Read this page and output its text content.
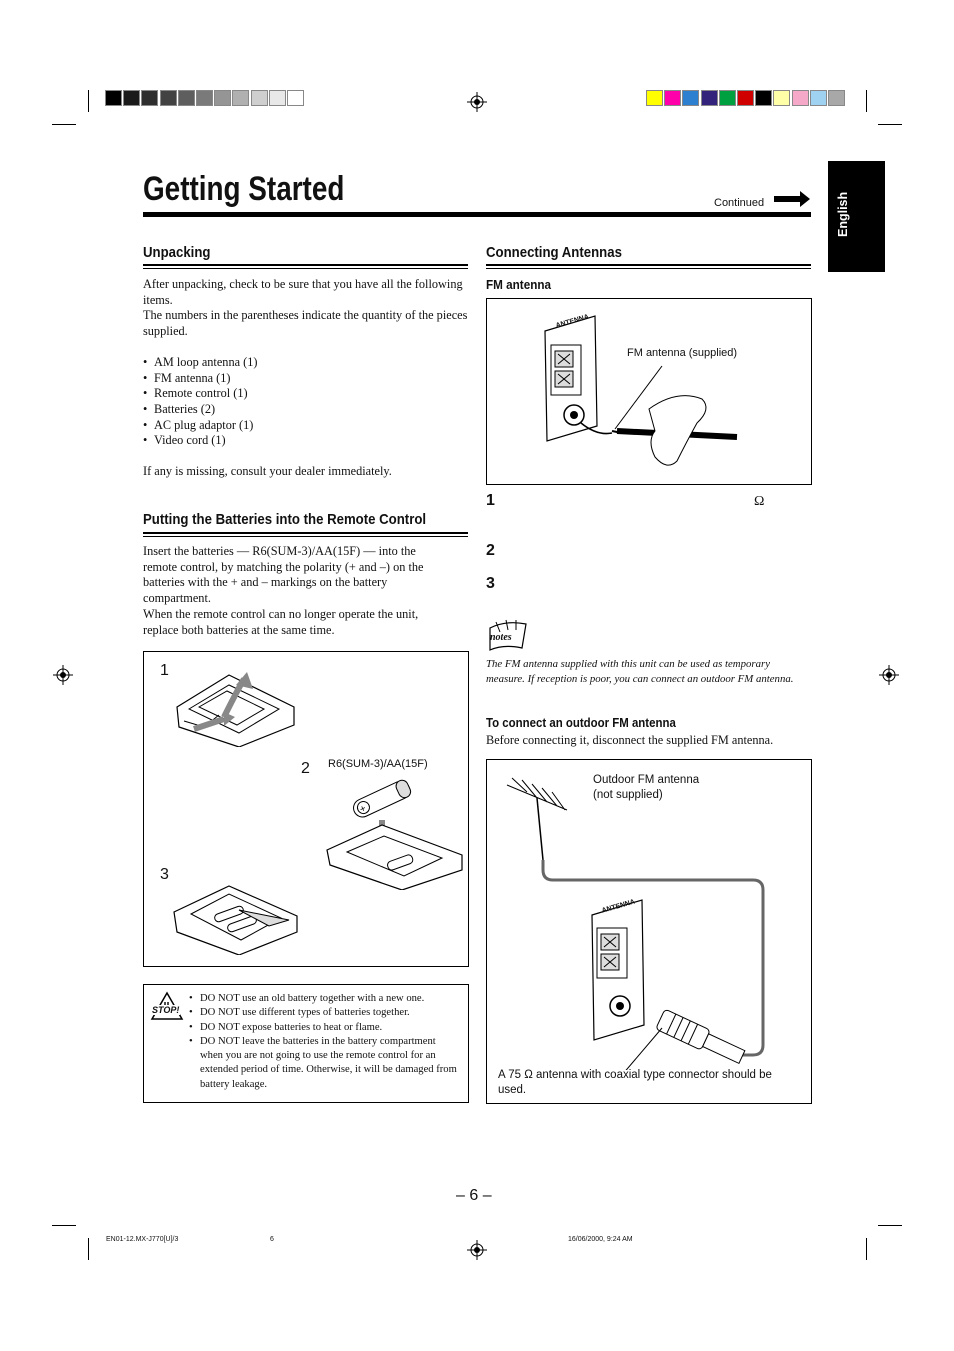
Getting Started	Continued	English
Unpacking
After unpacking, check to be sure that you have all the following items.
The numbers in the parentheses indicate the quantity of the pieces supplied.
• AM loop antenna (1)
• FM antenna (1)
• Remote control (1)
• Batteries (2)
• AC plug adaptor (1)
• Video cord (1)
If any is missing, consult your dealer immediately.
Putting the Batteries into the Remote Control
Insert the batteries — R6(SUM-3)/AA(15F) — into the remote control, by matching the polarity (+ and –) on the batteries with the + and – markings on the battery compartment.
When the remote control can no longer operate the unit, replace both batteries at the same time.
1
2
3
R6(SUM-3)/AA(15F)
+
STOP!
• DO NOT use an old battery together with a new one.
• DO NOT use different types of batteries together.
• DO NOT expose batteries to heat or flame.
• DO NOT leave the batteries in the battery compartment when you are not going to use the remote control for an extended period of time. Otherwise, it will be damaged from battery leakage.
Connecting Antennas
FM antenna
FM antenna (supplied)
ANTENNA
1	Ω
2
3
notes
The FM antenna supplied with this unit can be used as temporary measure. If reception is poor, you can connect an outdoor FM antenna.
To connect an outdoor FM antenna
Before connecting it, disconnect the supplied FM antenna.
Outdoor FM antenna
(not supplied)
ANTENNA
A 75 Ω antenna with coaxial type connector should be used.
– 6 –
EN01-12.MX-J770[U]/3	6	16/06/2000, 9:24 AM
